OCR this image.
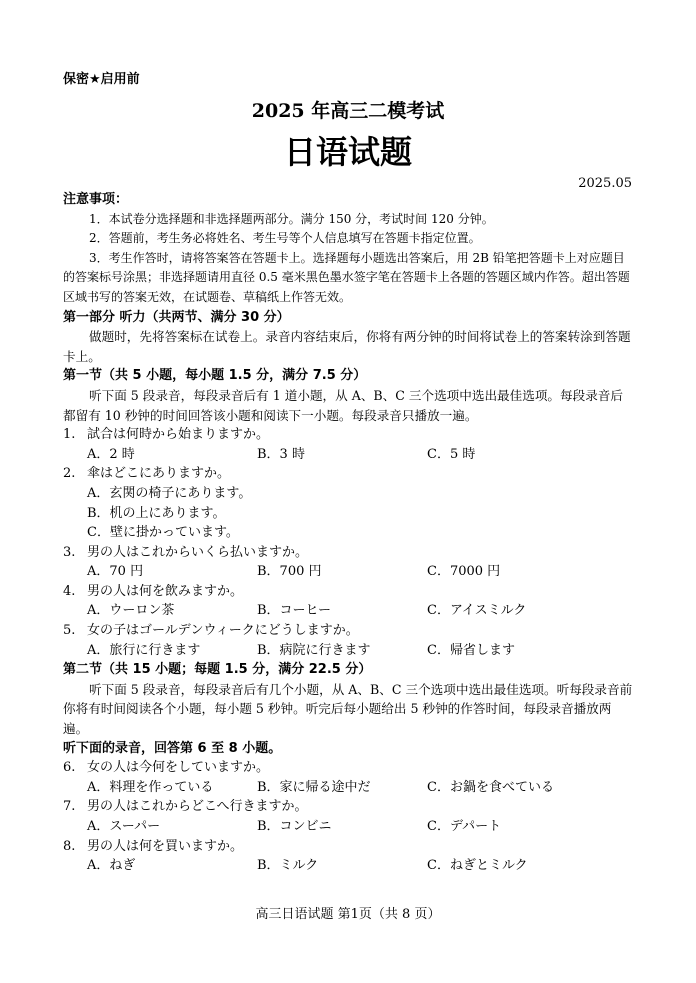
保密★启用前
2025 年高三二模考试
日语试题
2025.05
注意事项：
1．本试卷分选择题和非选择题两部分。满分 150 分，考试时间 120 分钟。
2．答题前，考生务必将姓名、考生号等个人信息填写在答题卡指定位置。
3．考生作答时，请将答案答在答题卡上。选择题每小题选出答案后，用 2B 铅笔把答题卡上对应题目的答案标号涂黑；非选择题请用直径 0.5 毫米黑色墨水签字笔在答题卡上各题的答题区域内作答。超出答题区域书写的答案无效，在试题卷、草稿纸上作答无效。
第一部分 听力（共两节、满分 30 分）
做题时，先将答案标在试卷上。录音内容结束后，你将有两分钟的时间将试卷上的答案转涂到答题卡上。
第一节（共 5 小题，每小题 1.5 分，满分 7.5 分）
听下面 5 段录音，每段录音后有 1 道小题，从 A、B、C 三个选项中选出最佳选项。每段录音后都留有 10 秒钟的时间回答该小题和阅读下一小题。每段录音只播放一遍。
1. 試合は何時から始まりますか。
A．2 時	B．3 時	C．5 時
2. 傘はどこにありますか。
A．玄関の椅子にあります。
B．机の上にあります。
C．壁に掛かっています。
3. 男の人はこれからいくら払いますか。
A．70 円	B．700 円	C．7000 円
4. 男の人は何を飲みますか。
A．ウーロン茶	B．コーヒー	C．アイスミルク
5. 女の子はゴールデンウィークにどうしますか。
A．旅行に行きます	B．病院に行きます	C．帰省します
第二节（共 15 小题；每题 1.5 分，满分 22.5 分）
听下面 5 段录音，每段录音后有几个小题，从 A、B、C 三个选项中选出最佳选项。听每段录音前你将有时间阅读各个小题，每小题 5 秒钟。听完后每小题给出 5 秒钟的作答时间，每段录音播放两遍。
听下面的录音，回答第 6 至 8 小题。
6. 女の人は今何をしていますか。
A．料理を作っている	B．家に帰る途中だ	C．お鍋を食べている
7. 男の人はこれからどこへ行きますか。
A．スーパー	B．コンビニ	C．デパート
8. 男の人は何を買いますか。
A．ねぎ	B．ミルク	C．ねぎとミルク
高三日语试题 第1页（共 8 页）
